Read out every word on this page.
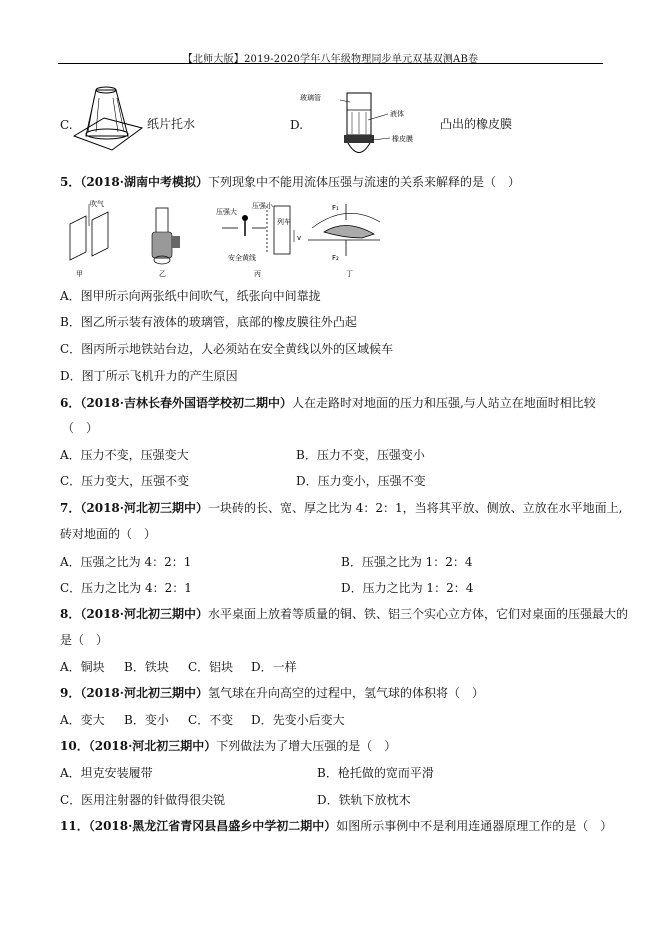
【北师大版】2019-2020学年八年级物理同步单元双基双测AB卷
C.	纸片托水	D.
玻璃管
液体
橡皮膜
凸出的橡皮膜
5．（2018·湖南中考模拟）下列现象中不能用流体压强与流速的关系来解释的是（　）
吹气
甲	乙
压强大
压强小
列车
v
安全黄线
丙
F₁
F₂
丁
A．图甲所示向两张纸中间吹气，纸张向中间靠拢
B．图乙所示装有液体的玻璃管，底部的橡皮膜往外凸起
C．图丙所示地铁站台边，人必须站在安全黄线以外的区域候车
D．图丁所示飞机升力的产生原因
6．（2018·吉林长春外国语学校初二期中）人在走路时对地面的压力和压强,与人站立在地面时相比较
（　）
A．压力不变，压强变大	B．压力不变，压强变小
C．压力变大，压强不变	D．压力变小，压强不变
7．（2018·河北初三期中）一块砖的长、宽、厚之比为 4：2：1，当将其平放、侧放、立放在水平地面上,
砖对地面的（　）
A．压强之比为 4：2：1	B．压强之比为 1：2：4
C．压力之比为 4：2：1	D．压力之比为 1：2：4
8．（2018·河北初三期中）水平桌面上放着等质量的铜、铁、铝三个实心立方体，它们对桌面的压强最大的
是（　）
A．铜块 B．铁块 C．铝块 D．一样
9．（2018·河北初三期中）氢气球在升向高空的过程中，氢气球的体积将（　）
A．变大 B．变小 C．不变 D．先变小后变大
10．（2018·河北初三期中）下列做法为了增大压强的是（　）
A．坦克安装履带	B．枪托做的宽而平滑
C．医用注射器的针做得很尖锐	D．铁轨下放枕木
11．（2018·黑龙江省青冈县昌盛乡中学初二期中）如图所示事例中不是利用连通器原理工作的是（　）
